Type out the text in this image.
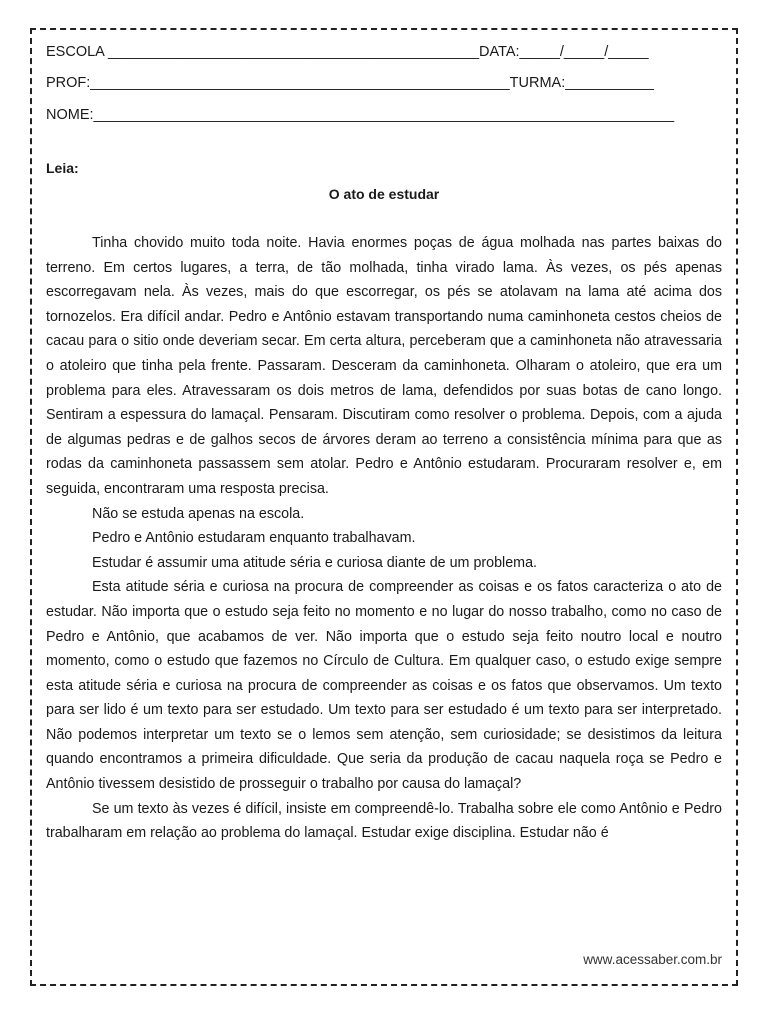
ESCOLA ______________________________________________DATA:_____/_____/_____
PROF:____________________________________________________TURMA:___________
NOME:________________________________________________________________________
Leia:
O ato de estudar

Tinha chovido muito toda noite. Havia enormes poças de água molhada nas partes baixas do terreno. Em certos lugares, a terra, de tão molhada, tinha virado lama. Às vezes, os pés apenas escorregavam nela. Às vezes, mais do que escorregar, os pés se atolavam na lama até acima dos tornozelos. Era difícil andar. Pedro e Antônio estavam transportando numa caminhoneta cestos cheios de cacau para o sitio onde deveriam secar. Em certa altura, perceberam que a caminhoneta não atravessaria o atoleiro que tinha pela frente. Passaram. Desceram da caminhoneta. Olharam o atoleiro, que era um problema para eles. Atravessaram os dois metros de lama, defendidos por suas botas de cano longo. Sentiram a espessura do lamaçal. Pensaram. Discutiram como resolver o problema. Depois, com a ajuda de algumas pedras e de galhos secos de árvores deram ao terreno a consistência mínima para que as rodas da caminhoneta passassem sem atolar. Pedro e Antônio estudaram. Procuraram resolver e, em seguida, encontraram uma resposta precisa.

Não se estuda apenas na escola.

Pedro e Antônio estudaram enquanto trabalhavam.

Estudar é assumir uma atitude séria e curiosa diante de um problema.

Esta atitude séria e curiosa na procura de compreender as coisas e os fatos caracteriza o ato de estudar. Não importa que o estudo seja feito no momento e no lugar do nosso trabalho, como no caso de Pedro e Antônio, que acabamos de ver. Não importa que o estudo seja feito noutro local e noutro momento, como o estudo que fazemos no Círculo de Cultura. Em qualquer caso, o estudo exige sempre esta atitude séria e curiosa na procura de compreender as coisas e os fatos que observamos. Um texto para ser lido é um texto para ser estudado. Um texto para ser estudado é um texto para ser interpretado. Não podemos interpretar um texto se o lemos sem atenção, sem curiosidade; se desistimos da leitura quando encontramos a primeira dificuldade. Que seria da produção de cacau naquela roça se Pedro e Antônio tivessem desistido de prosseguir o trabalho por causa do lamaçal?

Se um texto às vezes é difícil, insiste em compreendê-lo. Trabalha sobre ele como Antônio e Pedro trabalharam em relação ao problema do lamaçal. Estudar exige disciplina. Estudar não é

www.acessaber.com.br
